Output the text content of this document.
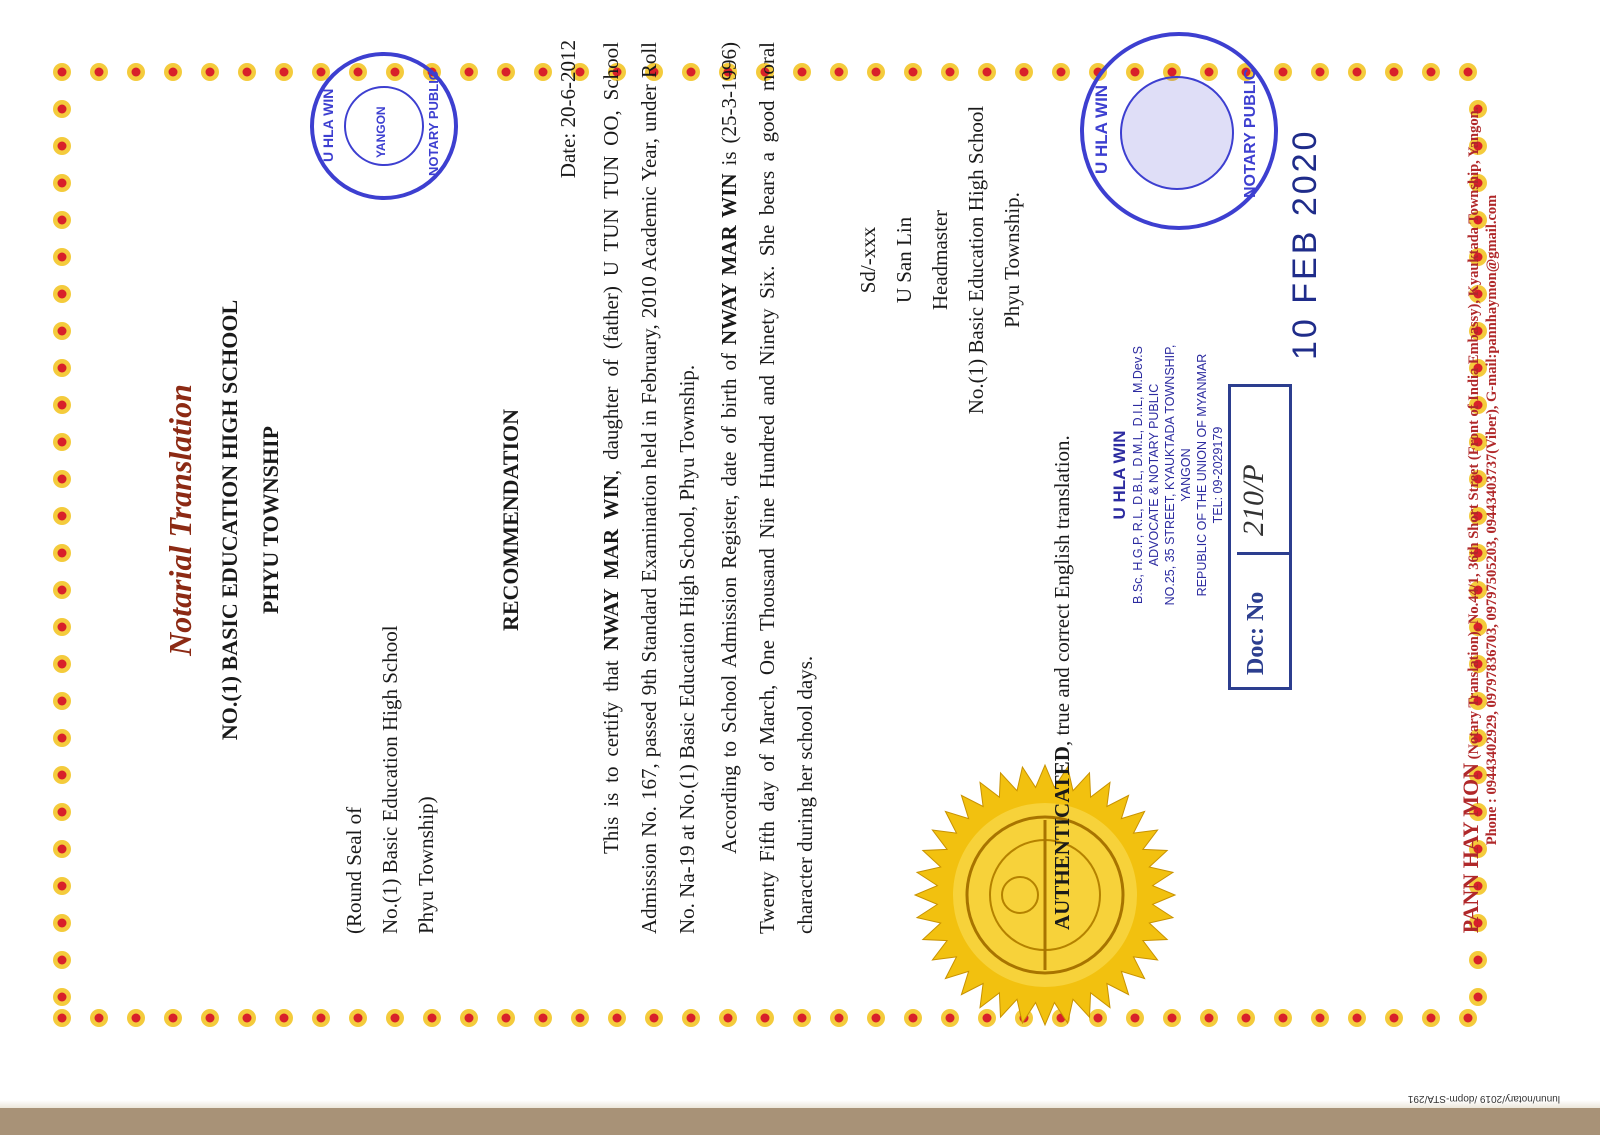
lunun/notary/2019 /dopm-STA/291
Notarial Translation NO.(1) BASIC EDUCATION HIGH SCHOOL PHYU TOWNSHIP
U HLA WIN	YANGON	NOTARY PUBLIC
(Round Seal of No.(1) Basic Education High School Phyu Township)
RECOMMENDATION
Date: 20-6-2012
This is to certify that NWAY MAR WIN, daughter of (father) U TUN TUN OO, School Admission No. 167, passed 9th Standard Examination held in February, 2010 Academic Year, under Roll No. Na-19 at No.(1) Basic Education High School, Phyu Township. According to School Admission Register, date of birth of NWAY MAR WIN is (25-3-1996) Twenty Fifth day of March, One Thousand Nine Hundred and Ninety Six. She bears a good moral character during her school days.
Sd/-xxx U San Lin Headmaster No.(1) Basic Education High School Phyu Township.
AUTHENTICATED, true and correct English translation.
U HLA WIN	NOTARY PUBLIC
U HLA WIN B.Sc, H.G.P, R.L, D.B.L, D.M.L, D.I.L, M.Dev.S ADVOCATE & NOTARY PUBLIC NO.25, 35 STREET, KYAUKTADA TOWNSHIP, YANGON REPUBLIC OF THE UNION OF MYANMAR TEL: 09-2029179
Doc: No
210/P
10 FEB 2020
PANN HAY MON (Notary Translation), No.44/1, 36th Short Street (Front of India Embassy), Kyauktada Township, Yangon. Phone : 09443402929, 09797836703, 09797505203, 09443403737(Viber), G-mail:pannhaymon@gmail.com
